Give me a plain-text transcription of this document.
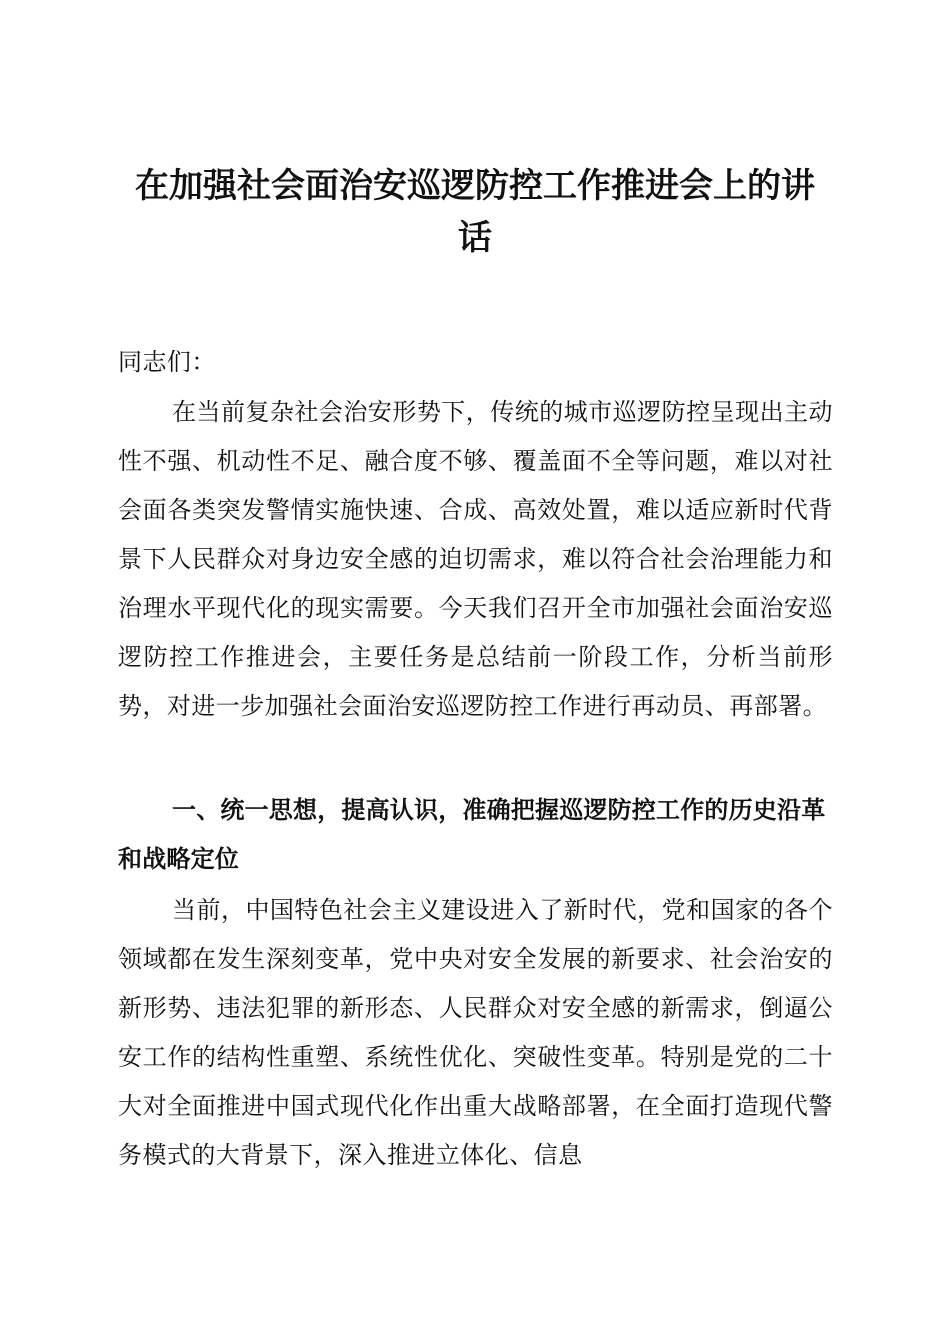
在加强社会面治安巡逻防控工作推进会上的讲话

同志们：

在当前复杂社会治安形势下，传统的城市巡逻防控呈现出主动性不强、机动性不足、融合度不够、覆盖面不全等问题，难以对社会面各类突发警情实施快速、合成、高效处置，难以适应新时代背景下人民群众对身边安全感的迫切需求，难以符合社会治理能力和治理水平现代化的现实需要。今天我们召开全市加强社会面治安巡逻防控工作推进会，主要任务是总结前一阶段工作，分析当前形势，对进一步加强社会面治安巡逻防控工作进行再动员、再部署。

一、统一思想，提高认识，准确把握巡逻防控工作的历史沿革和战略定位

当前，中国特色社会主义建设进入了新时代，党和国家的各个领域都在发生深刻变革，党中央对安全发展的新要求、社会治安的新形势、违法犯罪的新形态、人民群众对安全感的新需求，倒逼公安工作的结构性重塑、系统性优化、突破性变革。特别是党的二十大对全面推进中国式现代化作出重大战略部署，在全面打造现代警务模式的大背景下，深入推进立体化、信息
